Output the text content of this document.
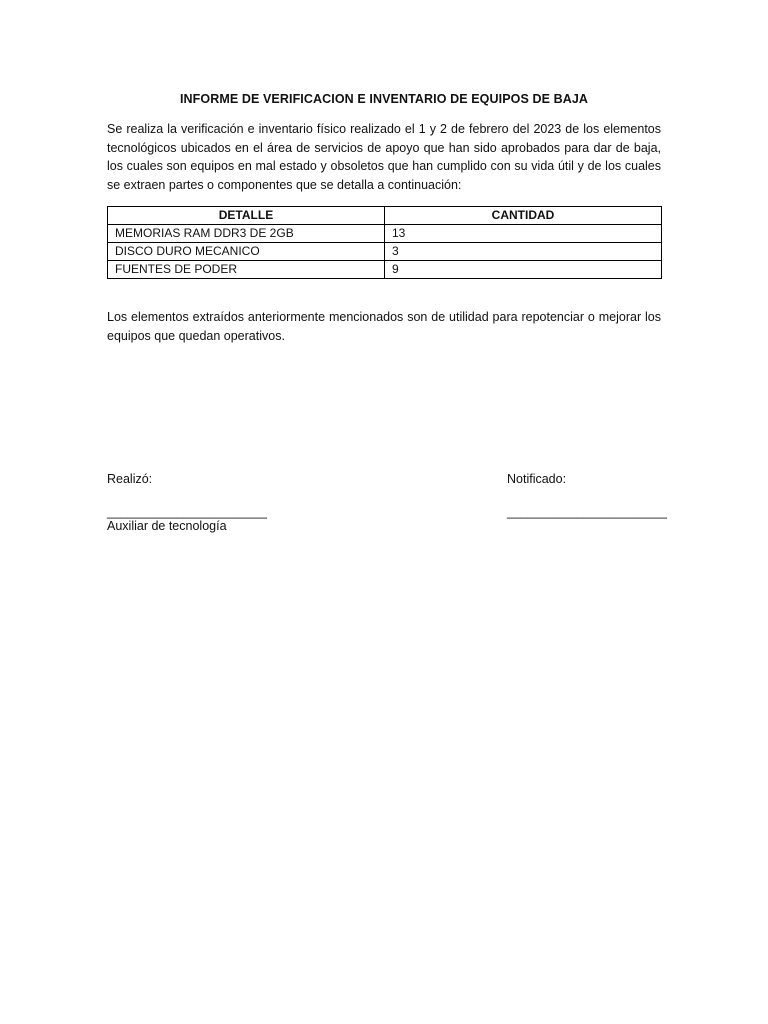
INFORME DE VERIFICACION E INVENTARIO DE EQUIPOS DE BAJA

Se realiza la verificación e inventario físico realizado el 1 y 2 de febrero del 2023 de los elementos tecnológicos ubicados en el área de servicios de apoyo que han sido aprobados para dar de baja, los cuales son equipos en mal estado y obsoletos que han cumplido con su vida útil y de los cuales se extraen partes o componentes que se detalla a continuación:

DETALLE	CANTIDAD
MEMORIAS RAM DDR3 DE 2GB	13
DISCO DURO MECANICO	3
FUENTES DE PODER	9

Los elementos extraídos anteriormente mencionados son de utilidad para repotenciar o mejorar los equipos que quedan operativos.

Realizó:	Notificado:
_______________________	_______________________
Auxiliar de tecnología
